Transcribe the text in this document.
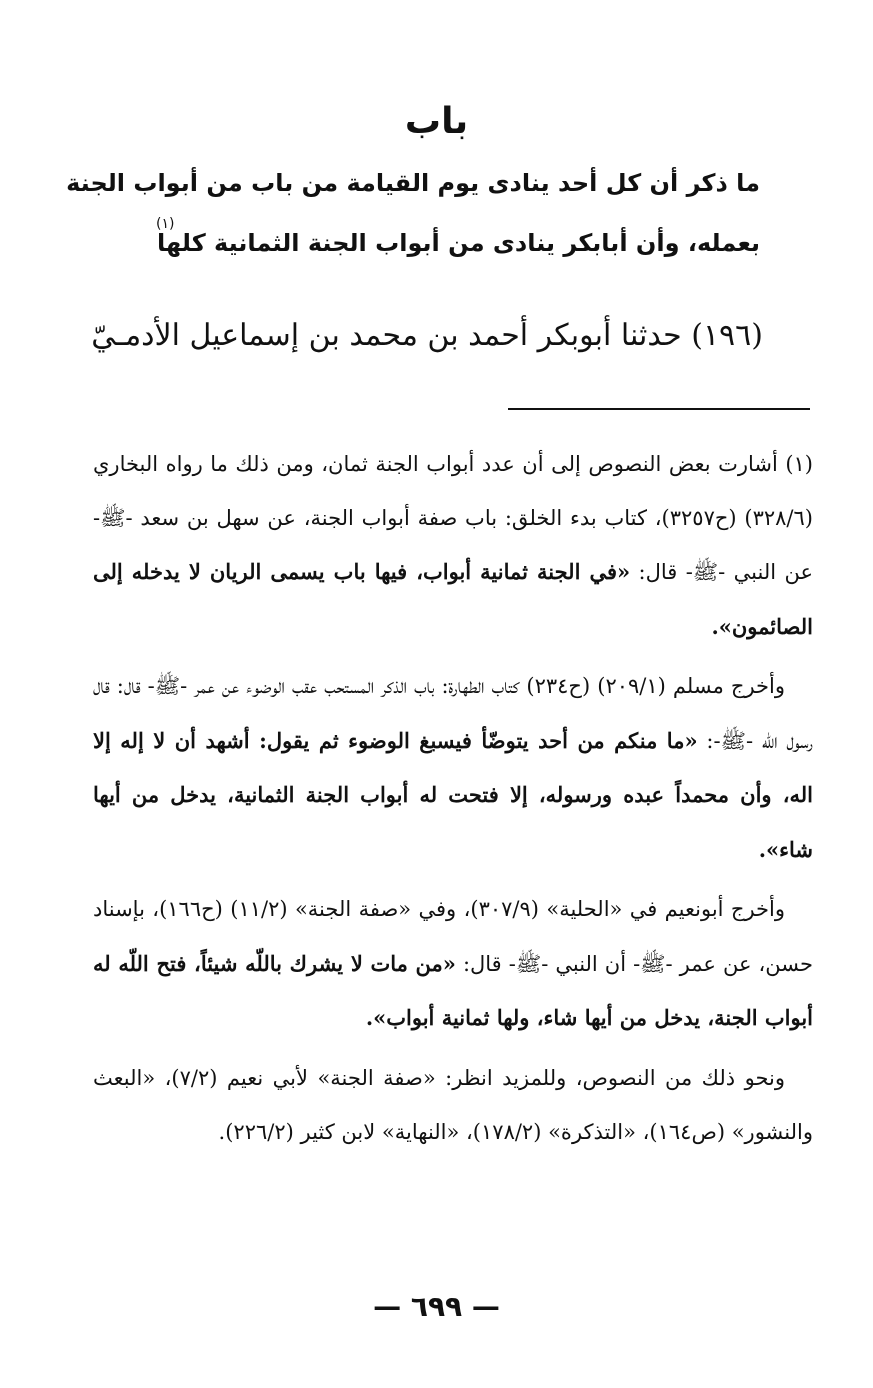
باب
ما ذكر أن كل أحد ينادى يوم القيامة من باب من أبواب الجنة
بعمله، وأن أبابكر ينادى من أبواب الجنة الثمانية كلها
(١)
(١٩٦) حدثنا أبوبكر أحمد بن محمد بن إسماعيل الأدمـيّ

(١) أشارت بعض النصوص إلى أن عدد أبواب الجنة ثمان، ومن ذلك ما رواه البخاري (٣٢٨/٦) (ح٣٢٥٧)، كتاب بدء الخلق: باب صفة أبواب الجنة، عن سهل بن سعد -ﷺ- عن النبي -ﷺ- قال: «في الجنة ثمانية أبواب، فيها باب يسمى الريان لا يدخله إلى الصائمون».

وأخرج مسلم (٢٠٩/١) (ح٢٣٤) كتاب الطهارة: باب الذكر المستحب عقب الوضوء عن عمر -ﷺ- قال: قال رسول اللّه -ﷺ-: «ما منكم من أحد يتوضّأ فيسبغ الوضوء ثم يقول: أشهد أن لا إله إلا اله، وأن محمداً عبده ورسوله، إلا فتحت له أبواب الجنة الثمانية، يدخل من أيها شاء».

وأخرج أبونعيم في «الحلية» (٣٠٧/٩)، وفي «صفة الجنة» (١١/٢) (ح١٦٦)، بإسناد حسن، عن عمر -ﷺ- أن النبي -ﷺ- قال: «من مات لا يشرك باللّه شيئاً، فتح اللّه له أبواب الجنة، يدخل من أيها شاء، ولها ثمانية أبواب».

ونحو ذلك من النصوص، وللمزيد انظر: «صفة الجنة» لأبي نعيم (٧/٢)، «البعث والنشور» (ص١٦٤)، «التذكرة» (١٧٨/٢)، «النهاية» لابن كثير (٢٢٦/٢).

— ٦٩٩ —
